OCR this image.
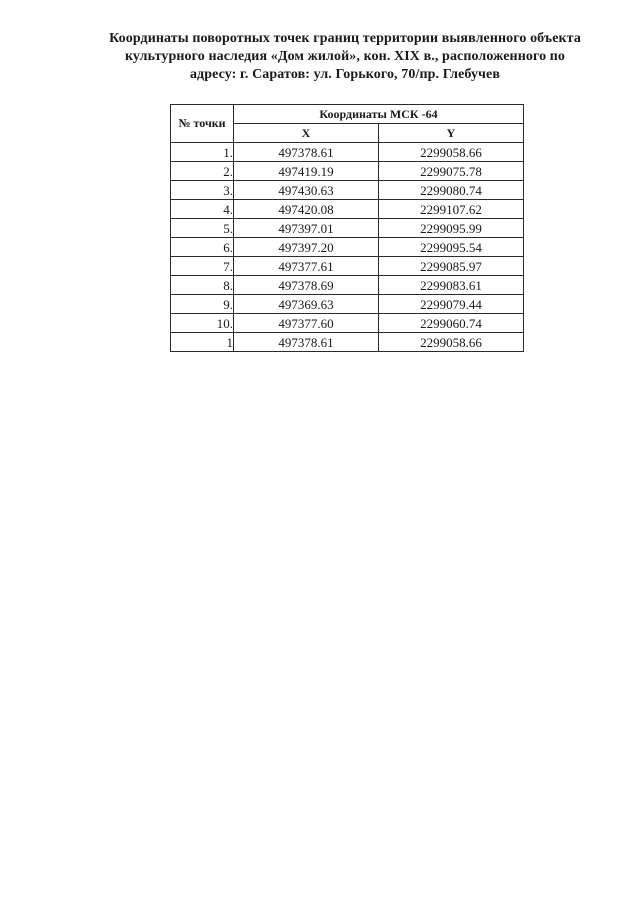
Координаты поворотных точек границ территории выявленного объекта
культурного наследия «Дом жилой», кон. XIX в., расположенного по
адресу: г. Саратов: ул. Горького, 70/пр. Глебучев
№ точки	Координаты МСК -64	
	X	Y
1.	497378.61	2299058.66
2.	497419.19	2299075.78
3.	497430.63	2299080.74
4.	497420.08	2299107.62
5.	497397.01	2299095.99
6.	497397.20	2299095.54
7.	497377.61	2299085.97
8.	497378.69	2299083.61
9.	497369.63	2299079.44
10.	497377.60	2299060.74
1	497378.61	2299058.66
